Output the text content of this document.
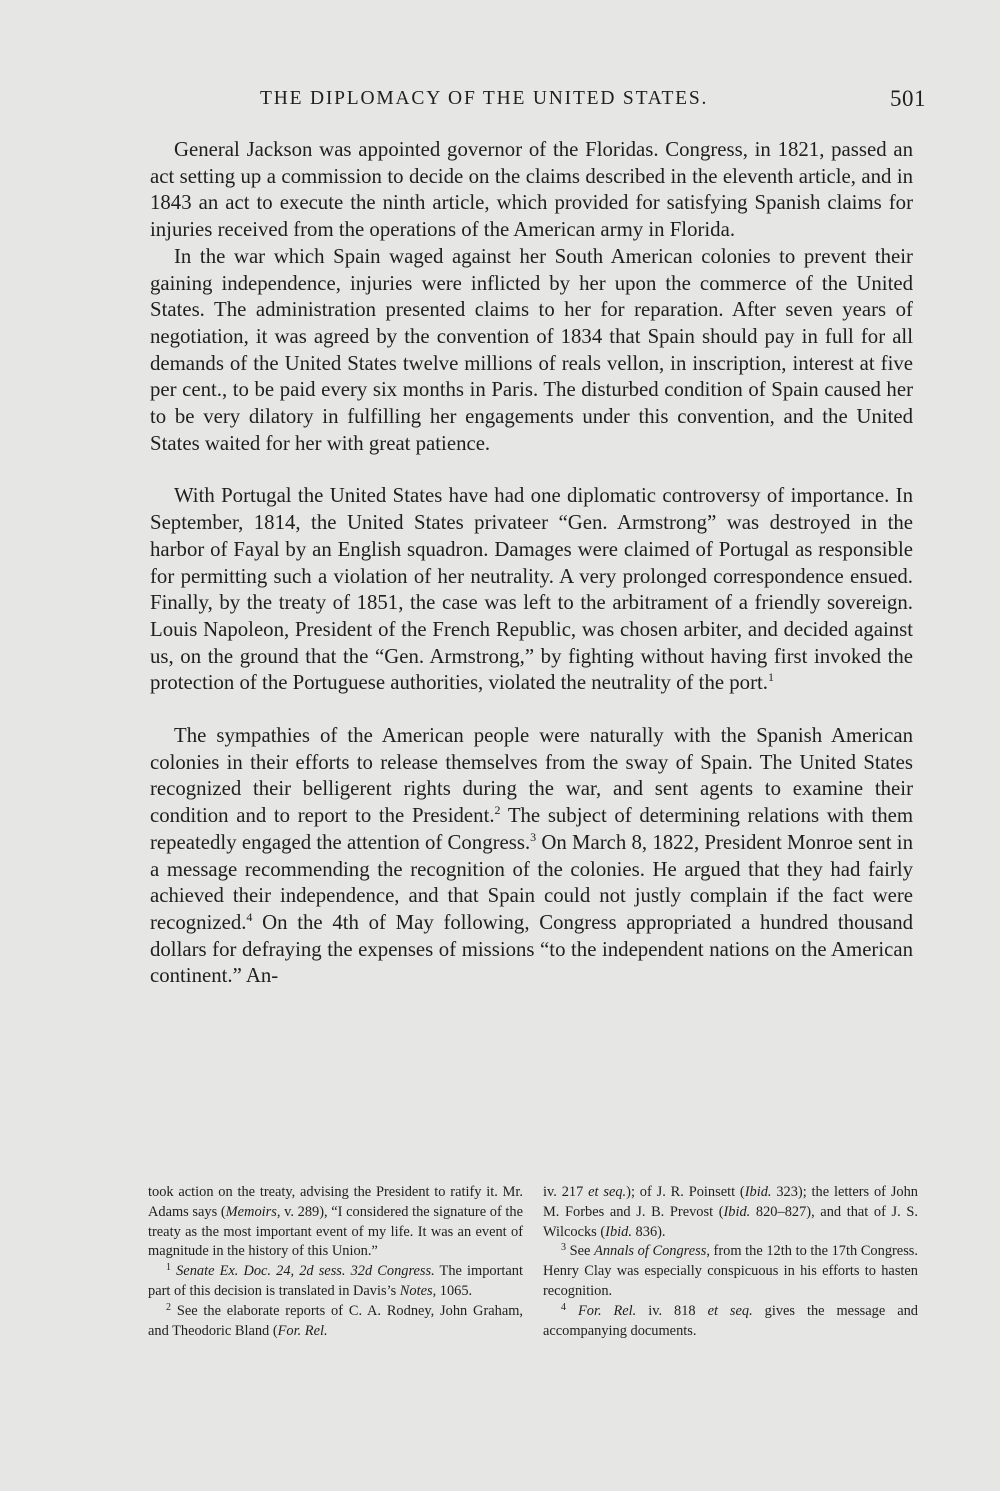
THE DIPLOMACY OF THE UNITED STATES.	501

General Jackson was appointed governor of the Floridas. Congress, in 1821, passed an act setting up a commission to decide on the claims described in the eleventh article, and in 1843 an act to execute the ninth article, which provided for satisfying Spanish claims for injuries received from the operations of the American army in Florida.

In the war which Spain waged against her South American colonies to prevent their gaining independence, injuries were inflicted by her upon the commerce of the United States. The administration presented claims to her for reparation. After seven years of negotiation, it was agreed by the convention of 1834 that Spain should pay in full for all demands of the United States twelve millions of reals vellon, in inscription, interest at five per cent., to be paid every six months in Paris. The disturbed condition of Spain caused her to be very dilatory in fulfilling her engagements under this convention, and the United States waited for her with great patience.

With Portugal the United States have had one diplomatic controversy of importance. In September, 1814, the United States privateer “Gen. Armstrong” was destroyed in the harbor of Fayal by an English squadron. Damages were claimed of Portugal as responsible for permitting such a violation of her neutrality. A very prolonged correspondence ensued. Finally, by the treaty of 1851, the case was left to the arbitrament of a friendly sovereign. Louis Napoleon, President of the French Republic, was chosen arbiter, and decided against us, on the ground that the “Gen. Armstrong,” by fighting without having first invoked the protection of the Portuguese authorities, violated the neutrality of the port.$^1$

The sympathies of the American people were naturally with the Spanish American colonies in their efforts to release themselves from the sway of Spain. The United States recognized their belligerent rights during the war, and sent agents to examine their condition and to report to the President.$^2$ The subject of determining relations with them repeatedly engaged the attention of Congress.$^3$ On March 8, 1822, President Monroe sent in a message recommending the recognition of the colonies. He argued that they had fairly achieved their independence, and that Spain could not justly complain if the fact were recognized.$^4$ On the 4th of May following, Congress appropriated a hundred thousand dollars for defraying the expenses of missions “to the independent nations on the American continent.” An-

took action on the treaty, advising the President to ratify it. Mr. Adams says (Memoirs, v. 289), “I considered the signature of the treaty as the most important event of my life. It was an event of magnitude in the history of this Union.”

$^1$ Senate Ex. Doc. 24, 2d sess. 32d Congress. The important part of this decision is translated in Davis’s Notes, 1065.

$^2$ See the elaborate reports of C. A. Rodney, John Graham, and Theodoric Bland (For. Rel.

iv. 217 et seq.); of J. R. Poinsett (Ibid. 323); the letters of John M. Forbes and J. B. Prevost (Ibid. 820–827), and that of J. S. Wilcocks (Ibid. 836).

$^3$ See Annals of Congress, from the 12th to the 17th Congress. Henry Clay was especially conspicuous in his efforts to hasten recognition.

$^4$ For. Rel. iv. 818 et seq. gives the message and accompanying documents.
